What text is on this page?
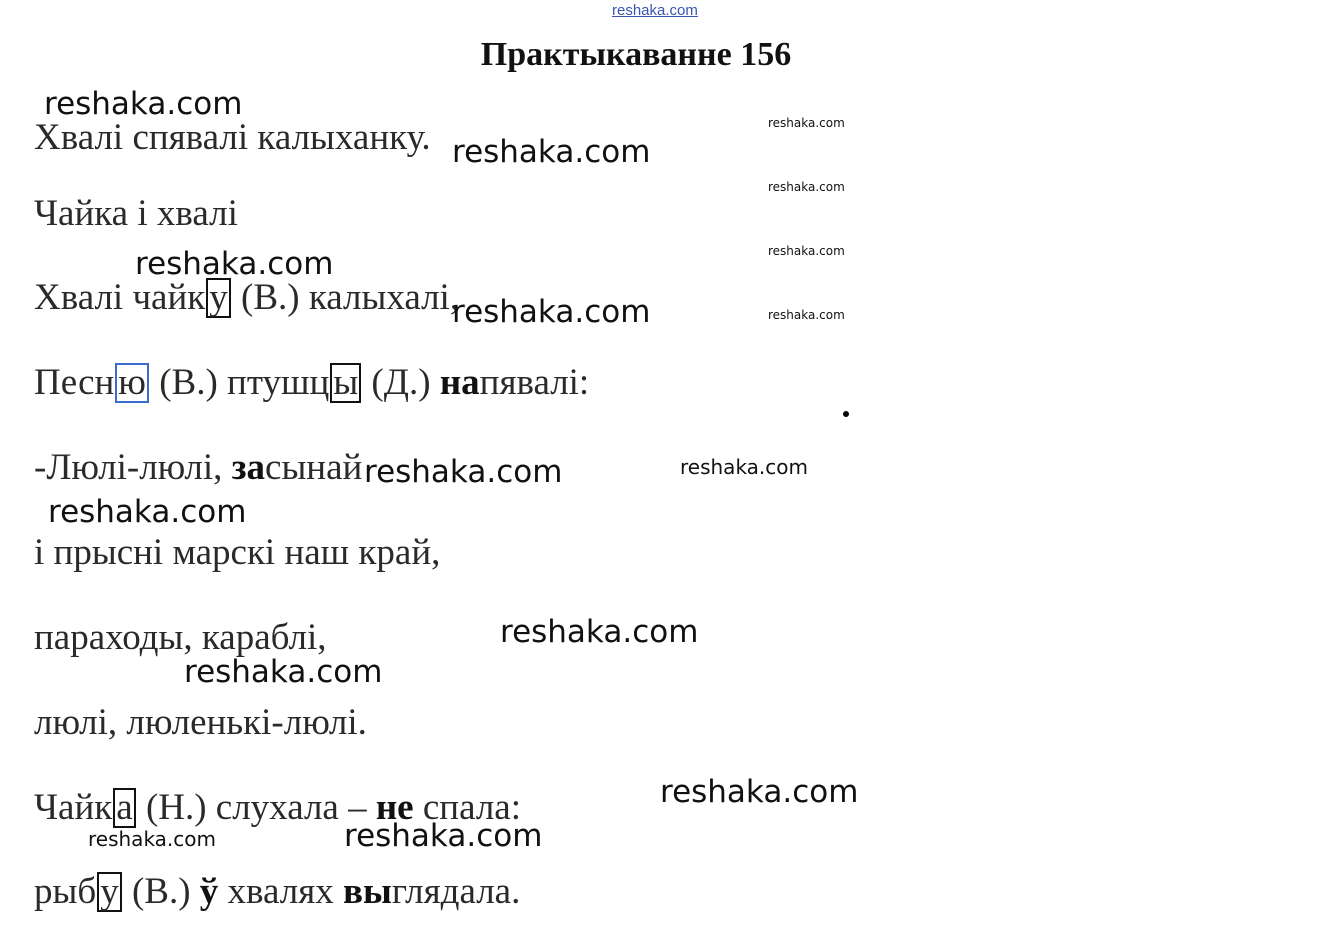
reshaka.com
Практыкаванне 156
Хвалі спявалі калыханку.
Чайка і хвалі
Хвалі чайк у (В.) калыхалі,
Песн ю (В.) птушц ы (Д.) напявалі:
-Люлі-люлі, засынай
і прысні марскі наш край,
параходы, караблі,
люлі, люленькі-люлі.
Чайк а (Н.) слухала – не спала:
рыб у (В.) ў хвалях выглядала.
reshaka.com
reshaka.com
reshaka.com
reshaka.com
reshaka.com
reshaka.com
reshaka.com
reshaka.com
reshaka.com
reshaka.com
reshaka.com
reshaka.com
reshaka.com
reshaka.com
reshaka.com
reshaka.com
